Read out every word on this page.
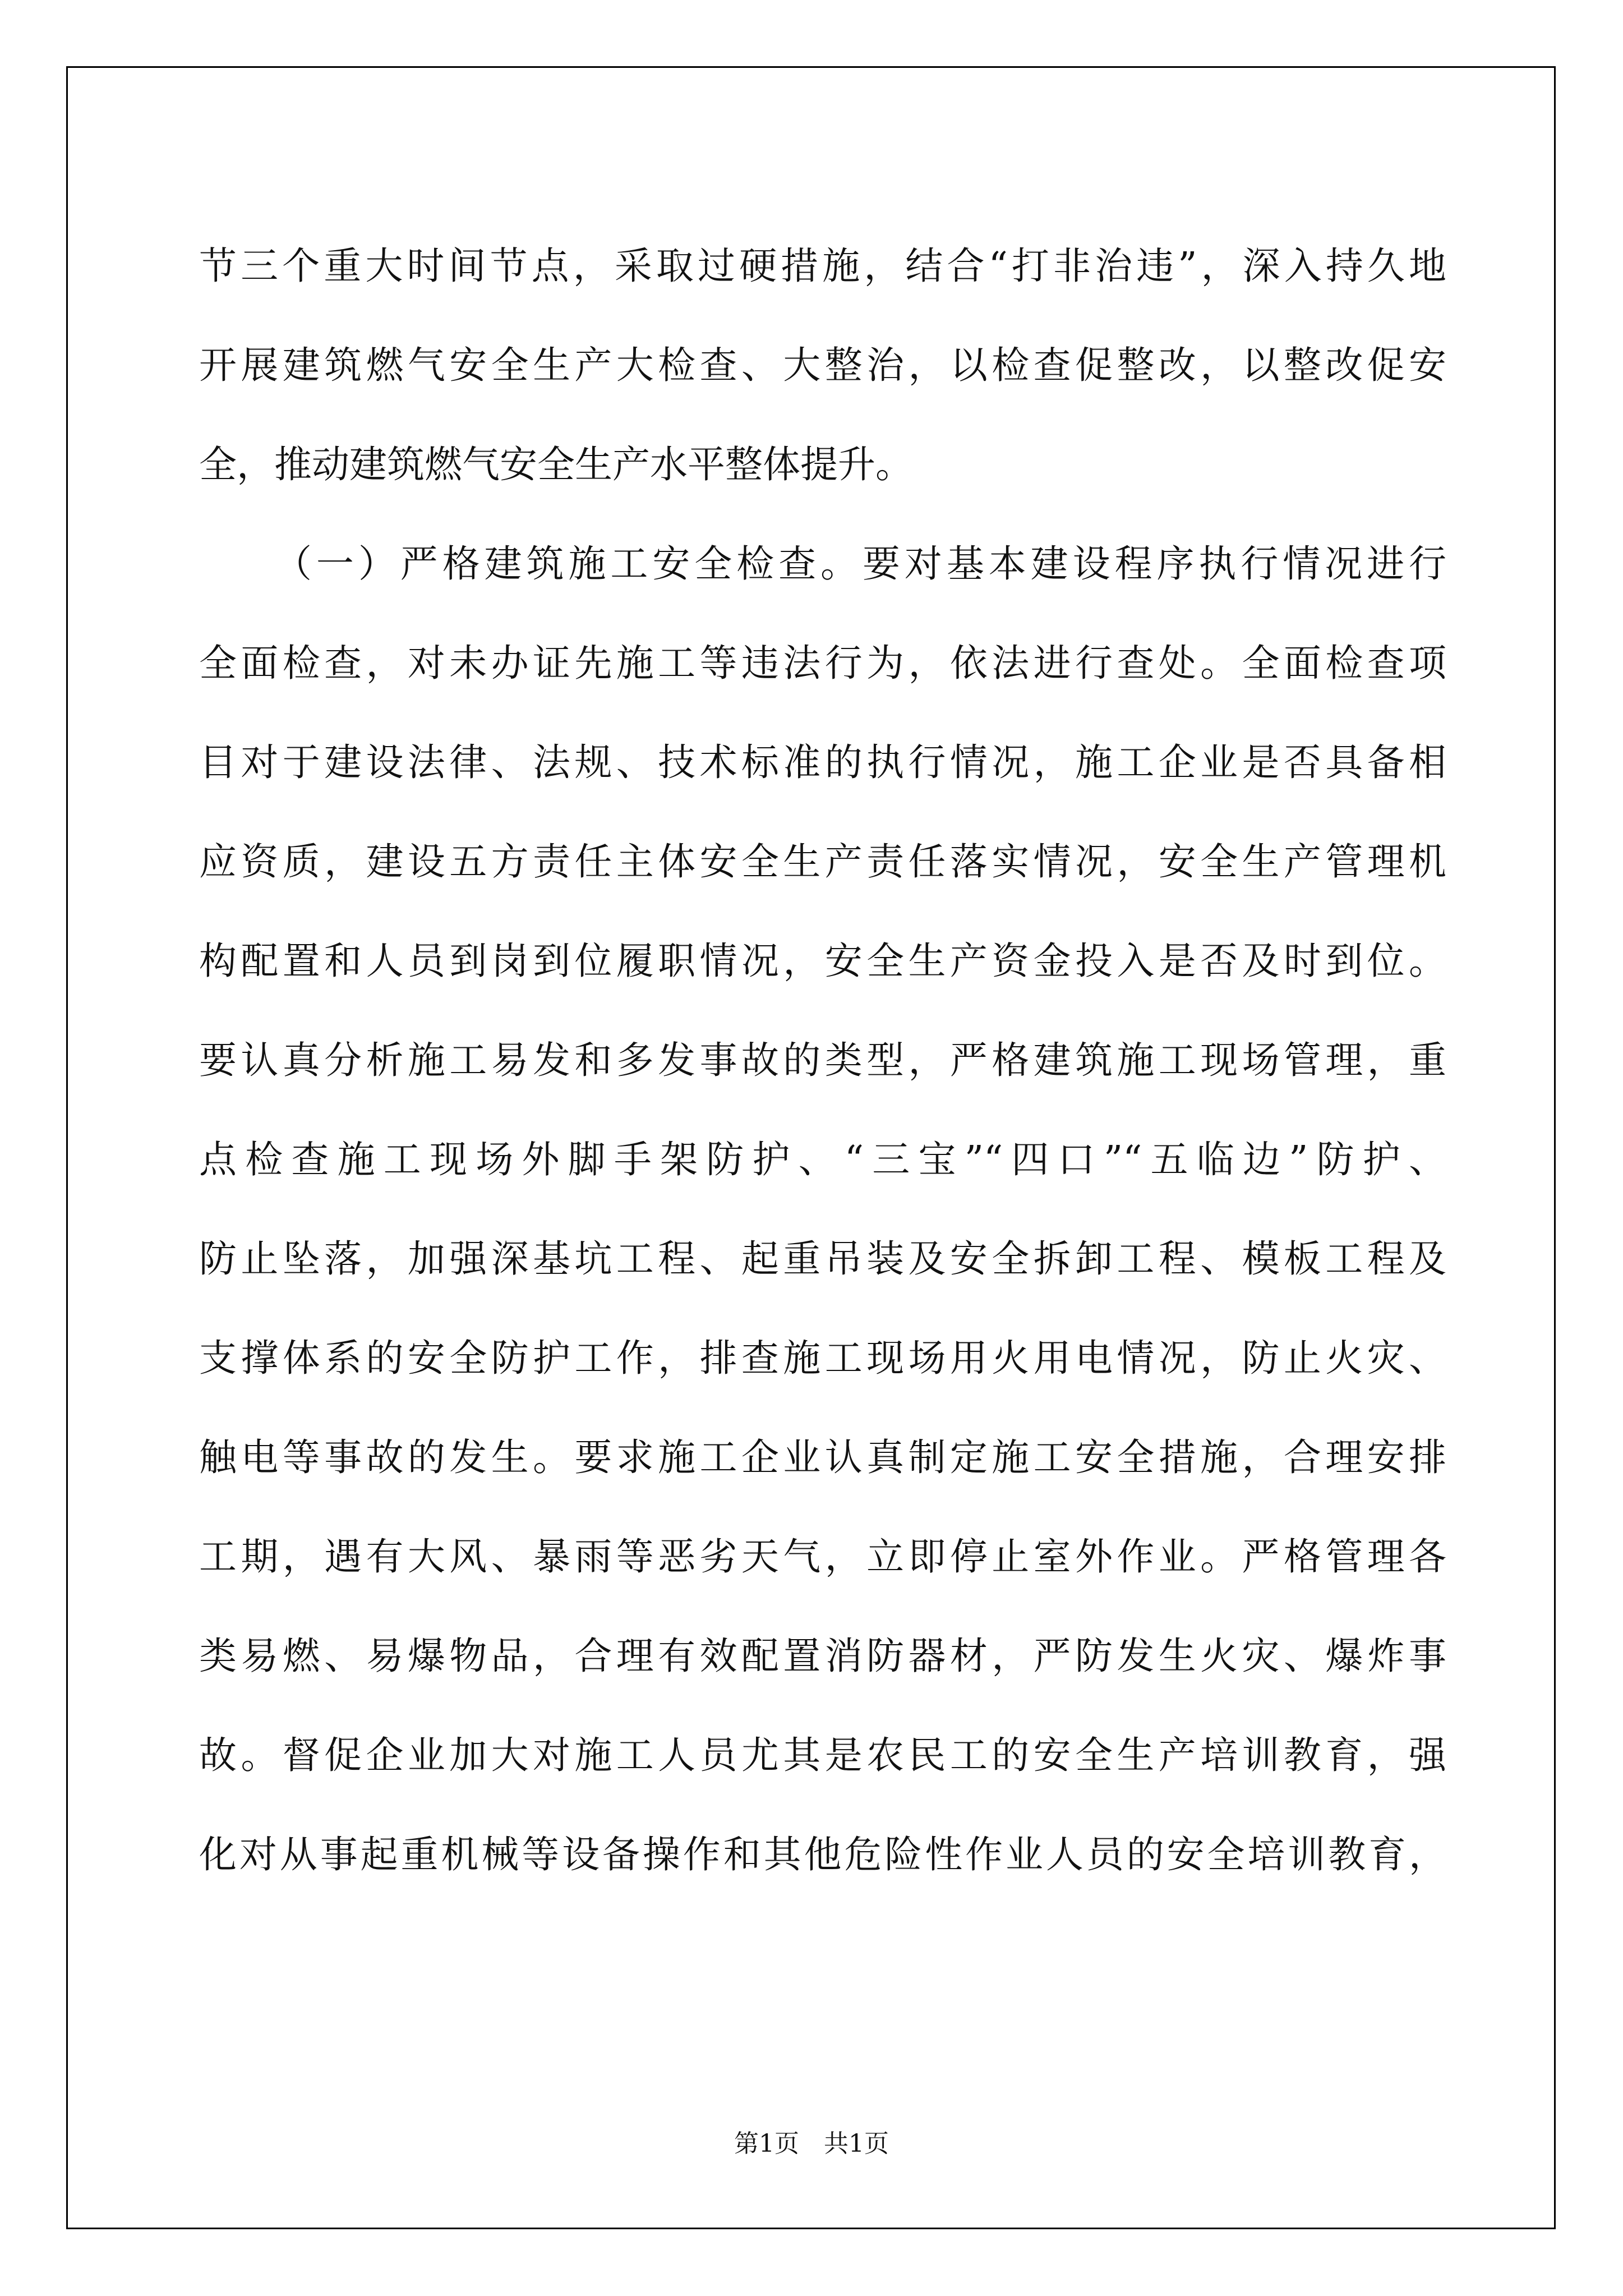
节三个重大时间节点，采取过硬措施，结合“打非治违”，深入持久地
开展建筑燃气安全生产大检查、大整治，以检查促整改，以整改促安
全，推动建筑燃气安全生产水平整体提升。
（一）严格建筑施工安全检查。要对基本建设程序执行情况进行
全面检查，对未办证先施工等违法行为，依法进行查处。全面检查项
目对于建设法律、法规、技术标准的执行情况，施工企业是否具备相
应资质，建设五方责任主体安全生产责任落实情况，安全生产管理机
构配置和人员到岗到位履职情况，安全生产资金投入是否及时到位。
要认真分析施工易发和多发事故的类型，严格建筑施工现场管理，重
点检查施工现场外脚手架防护、“三宝”“四口”“五临边”防护、
防止坠落，加强深基坑工程、起重吊装及安全拆卸工程、模板工程及
支撑体系的安全防护工作，排查施工现场用火用电情况，防止火灾、
触电等事故的发生。要求施工企业认真制定施工安全措施，合理安排
工期，遇有大风、暴雨等恶劣天气，立即停止室外作业。严格管理各
类易燃、易爆物品，合理有效配置消防器材，严防发生火灾、爆炸事
故。督促企业加大对施工人员尤其是农民工的安全生产培训教育，强
化对从事起重机械等设备操作和其他危险性作业人员的安全培训教育，
第1页 共1页
